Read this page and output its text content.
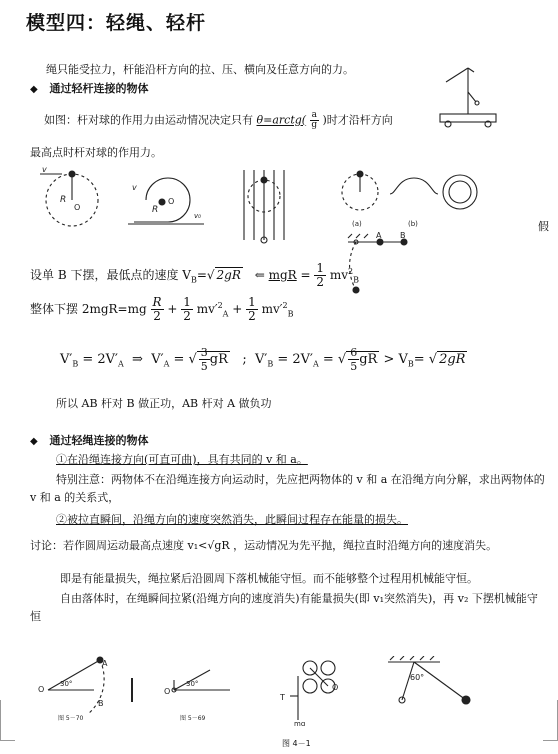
模型四：轻绳、轻杆
绳只能受拉力，杆能沿杆方向的拉、压、横向及任意方向的力。
◆ 通过轻杆连接的物体
如图：杆对球的作用力由运动情况决定只有 θ=arctg( $\frac{a}{g}$ )时才沿杆方向
最高点时杆对球的作用力。
R
O
v
R
O
v
v₀
(a)	(b)	假
A B
设单 B 下摆，最低点的速度 $V_B=√$ 2gR ⇐ mgR = $\frac{1}{2} mv^2_B$
整体下摆 $2mgR=mg \frac{R}{2} + \frac{1}{2} mv'^2_A + \frac{1}{2} mv'^2_B$
$V'_B = 2V'_A$  ⇒  $V'_A$ = √ $\frac{3}{5}$ gR   ;  $V'_B = 2V'_A$ = √ $\frac{6}{5}$ gR > $V_B=$ √ 2gR
所以 AB 杆对 B 做正功，AB 杆对 A 做负功
◆ 通过轻绳连接的物体
①在沿绳连接方向(可直可曲)，具有共同的 v 和 a。
特别注意：两物体不在沿绳连接方向运动时，先应把两物体的 v 和 a 在沿绳方向分解，求出两物体的
v 和 a 的关系式，
②被拉直瞬间，沿绳方向的速度突然消失，此瞬间过程存在能量的损失。
讨论：若作圆周运动最高点速度 v₁<√gR ，运动情况为先平抛，绳拉直时沿绳方向的速度消失。
即是有能量损失，绳拉紧后沿圆周下落机械能守恒。而不能够整个过程用机械能守恒。
自由落体时，在绳瞬间拉紧(沿绳方向的速度消失)有能量损失(即 v₁突然消失)，再 v₂ 下摆机械能守
恒
O
A
30°
B
图 5－70
O
30°
图 5－69
T
mg
O
60°
图 4－1
